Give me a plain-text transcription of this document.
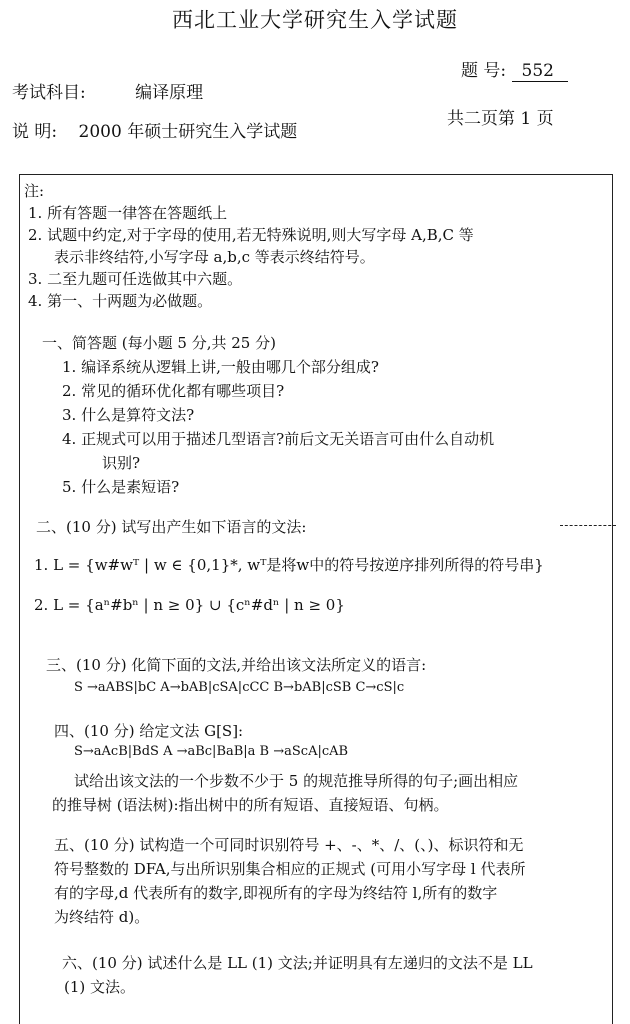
西北工业大学研究生入学试题
题 号: 552
考试科目:	编译原理
说 明: 2000 年硕士研究生入学试题
共二页第 1 页
注:
1. 所有答题一律答在答题纸上
2. 试题中约定,对于字母的使用,若无特殊说明,则大写字母 A,B,C 等
表示非终结符,小写字母 a,b,c 等表示终结符号。
3. 二至九题可任选做其中六题。
4. 第一、十两题为必做题。
一、简答题 (每小题 5 分,共 25 分)
1. 编译系统从逻辑上讲,一般由哪几个部分组成?
2. 常见的循环优化都有哪些项目?
3. 什么是算符文法?
4. 正规式可以用于描述几型语言?前后文无关语言可由什么自动机
识别?
5. 什么是素短语?
二、(10 分) 试写出产生如下语言的文法:
1. L = {w#wᵀ | w ∈ {0,1}*, wᵀ是将w中的符号按逆序排列所得的符号串}
2. L = {aⁿ#bⁿ | n ≥ 0} ∪ {cⁿ#dⁿ | n ≥ 0}
三、(10 分) 化简下面的文法,并给出该文法所定义的语言:
S →aABS|bC A→bAB|cSA|cCC B→bAB|cSB C→cS|c
四、(10 分) 给定文法 G[S]:
S→aAcB|BdS A →aBc|BaB|a B →aScA|cAB
试给出该文法的一个步数不少于 5 的规范推导所得的句子;画出相应
的推导树 (语法树):指出树中的所有短语、直接短语、句柄。
五、(10 分) 试构造一个可同时识别符号 +、-、*、/、(、)、标识符和无
符号整数的 DFA,与出所识别集合相应的正规式 (可用小写字母 l 代表所
有的字母,d 代表所有的数字,即视所有的字母为终结符 l,所有的数字
为终结符 d)。
六、(10 分) 试述什么是 LL (1) 文法;并证明具有左递归的文法不是 LL
(1) 文法。
